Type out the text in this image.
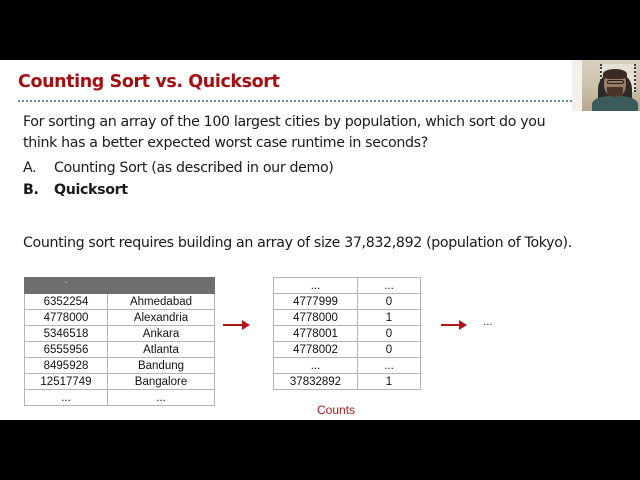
Counting Sort vs. Quicksort
For sorting an array of the 100 largest cities by population, which sort do you think has a better expected worst case runtime in seconds?
A. Counting Sort (as described in our demo)
B. Quicksort
Counting sort requires building an array of size 37,832,892 (population of Tokyo).
`	
6352254	Ahmedabad
4778000	Alexandria
5346518	Ankara
6555956	Atlanta
8495928	Bandung
12517749	Bangalore
...	...
...	...
4777999	0
4778000	1
4778001	0
4778002	0
...	...
37832892	1
Counts
...
